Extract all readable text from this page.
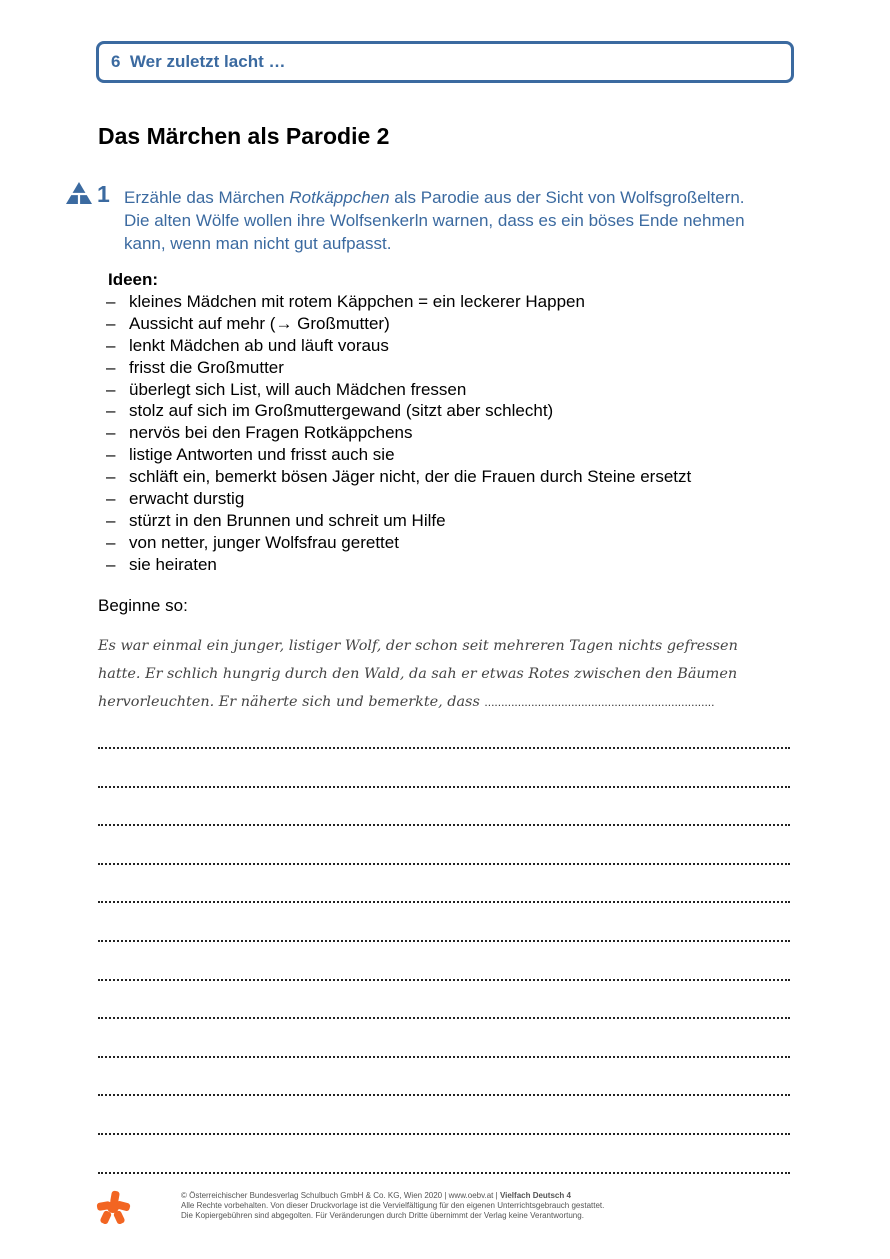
6 Wer zuletzt lacht …
Das Märchen als Parodie 2
1 Erzähle das Märchen Rotkäppchen als Parodie aus der Sicht von Wolfsgroßeltern.

Die alten Wölfe wollen ihre Wolfsenkerln warnen, dass es ein böses Ende nehmen

kann, wenn man nicht gut aufpasst.

Ideen:
– kleines Mädchen mit rotem Käppchen = ein leckerer Happen
– Aussicht auf mehr (→ Großmutter)
– lenkt Mädchen ab und läuft voraus
– frisst die Großmutter
– überlegt sich List, will auch Mädchen fressen
– stolz auf sich im Großmuttergewand (sitzt aber schlecht)
– nervös bei den Fragen Rotkäppchens
– listige Antworten und frisst auch sie
– schläft ein, bemerkt bösen Jäger nicht, der die Frauen durch Steine ersetzt
– erwacht durstig
– stürzt in den Brunnen und schreit um Hilfe
– von netter, junger Wolfsfrau gerettet
– sie heiraten
Beginne so:
Es war einmal ein junger, listiger Wolf, der schon seit mehreren Tagen nichts gefressen
hatte. Er schlich hungrig durch den Wald, da sah er etwas Rotes zwischen den Bäumen
hervorleuchten. Er näherte sich und bemerkte, dass .....................................................................
© Österreichischer Bundesverlag Schulbuch GmbH & Co. KG, Wien 2020 | www.oebv.at | Vielfach Deutsch 4
Alle Rechte vorbehalten. Von dieser Druckvorlage ist die Vervielfältigung für den eigenen Unterrichtsgebrauch gestattet.
Die Kopiergebühren sind abgegolten. Für Veränderungen durch Dritte übernimmt der Verlag keine Verantwortung.
